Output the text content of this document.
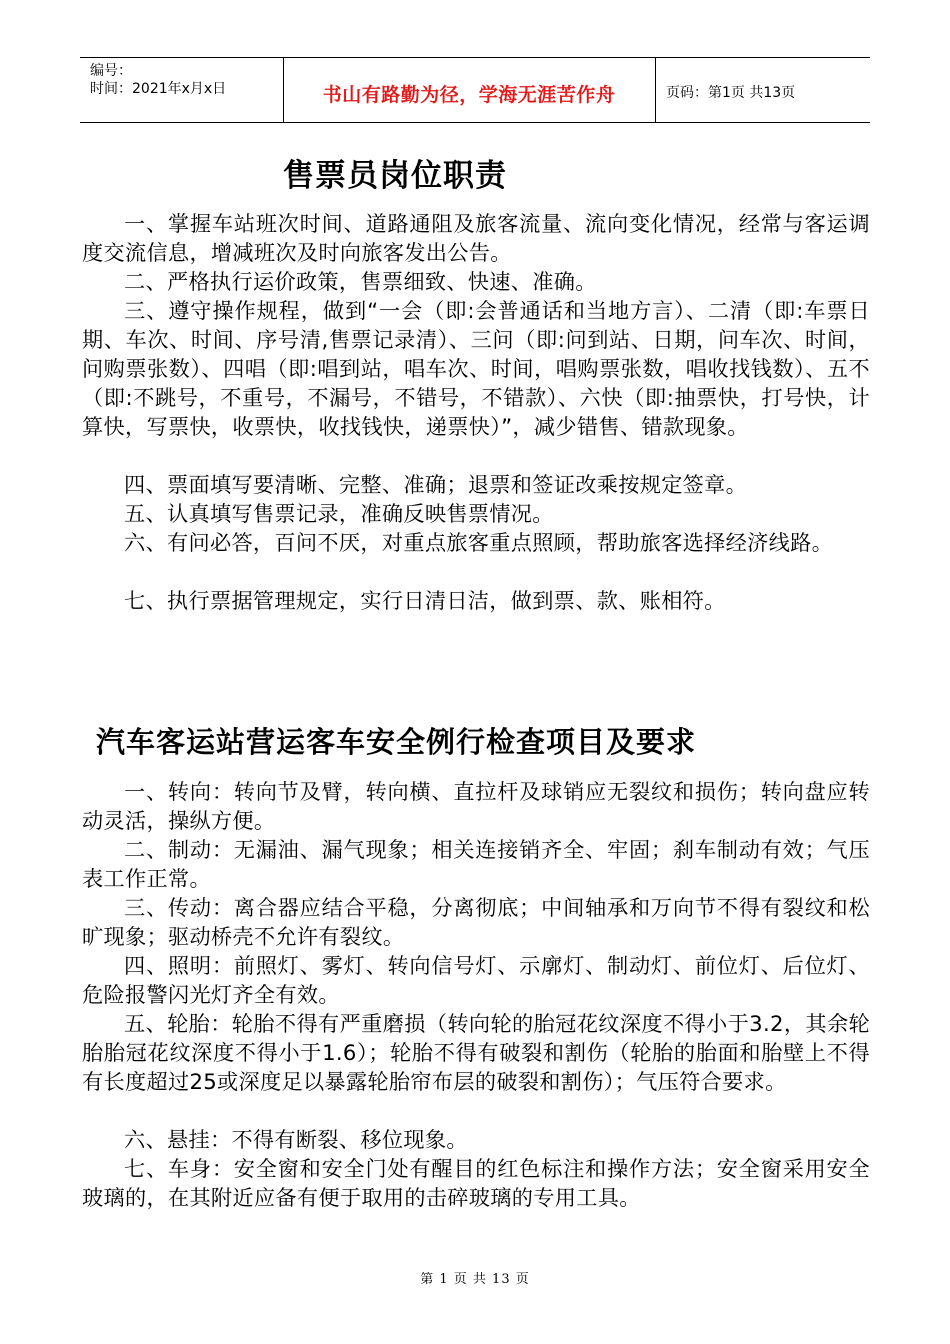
编号：
时间：2021年x月x日	书山有路勤为径，学海无涯苦作舟	页码：第1页 共13页
售票员岗位职责
一、掌握车站班次时间、道路通阻及旅客流量、流向变化情况，经常与客运调度交流信息，增减班次及时向旅客发出公告。
二、严格执行运价政策，售票细致、快速、准确。
三、遵守操作规程，做到“一会（即:会普通话和当地方言）、二清（即:车票日期、车次、时间、序号清,售票记录清）、三问（即:问到站、日期，问车次、时间，问购票张数）、四唱（即:唱到站，唱车次、时间，唱购票张数，唱收找钱数）、五不（即:不跳号，不重号，不漏号，不错号，不错款）、六快（即:抽票快，打号快，计算快，写票快，收票快，收找钱快，递票快）”，减少错售、错款现象。
四、票面填写要清晰、完整、准确；退票和签证改乘按规定签章。
五、认真填写售票记录，准确反映售票情况。
六、有问必答，百问不厌，对重点旅客重点照顾，帮助旅客选择经济线路。
七、执行票据管理规定，实行日清日洁，做到票、款、账相符。
汽车客运站营运客车安全例行检查项目及要求
一、转向：转向节及臂，转向横、直拉杆及球销应无裂纹和损伤；转向盘应转动灵活，操纵方便。
二、制动：无漏油、漏气现象；相关连接销齐全、牢固；刹车制动有效；气压表工作正常。
三、传动：离合器应结合平稳，分离彻底；中间轴承和万向节不得有裂纹和松旷现象；驱动桥壳不允许有裂纹。
四、照明：前照灯、雾灯、转向信号灯、示廓灯、制动灯、前位灯、后位灯、危险报警闪光灯齐全有效。
五、轮胎：轮胎不得有严重磨损（转向轮的胎冠花纹深度不得小于3.2，其余轮胎胎冠花纹深度不得小于1.6）；轮胎不得有破裂和割伤（轮胎的胎面和胎壁上不得有长度超过25或深度足以暴露轮胎帘布层的破裂和割伤）；气压符合要求。
六、悬挂：不得有断裂、移位现象。
七、车身：安全窗和安全门处有醒目的红色标注和操作方法；安全窗采用安全玻璃的，在其附近应备有便于取用的击碎玻璃的专用工具。
第 1 页 共 13 页
